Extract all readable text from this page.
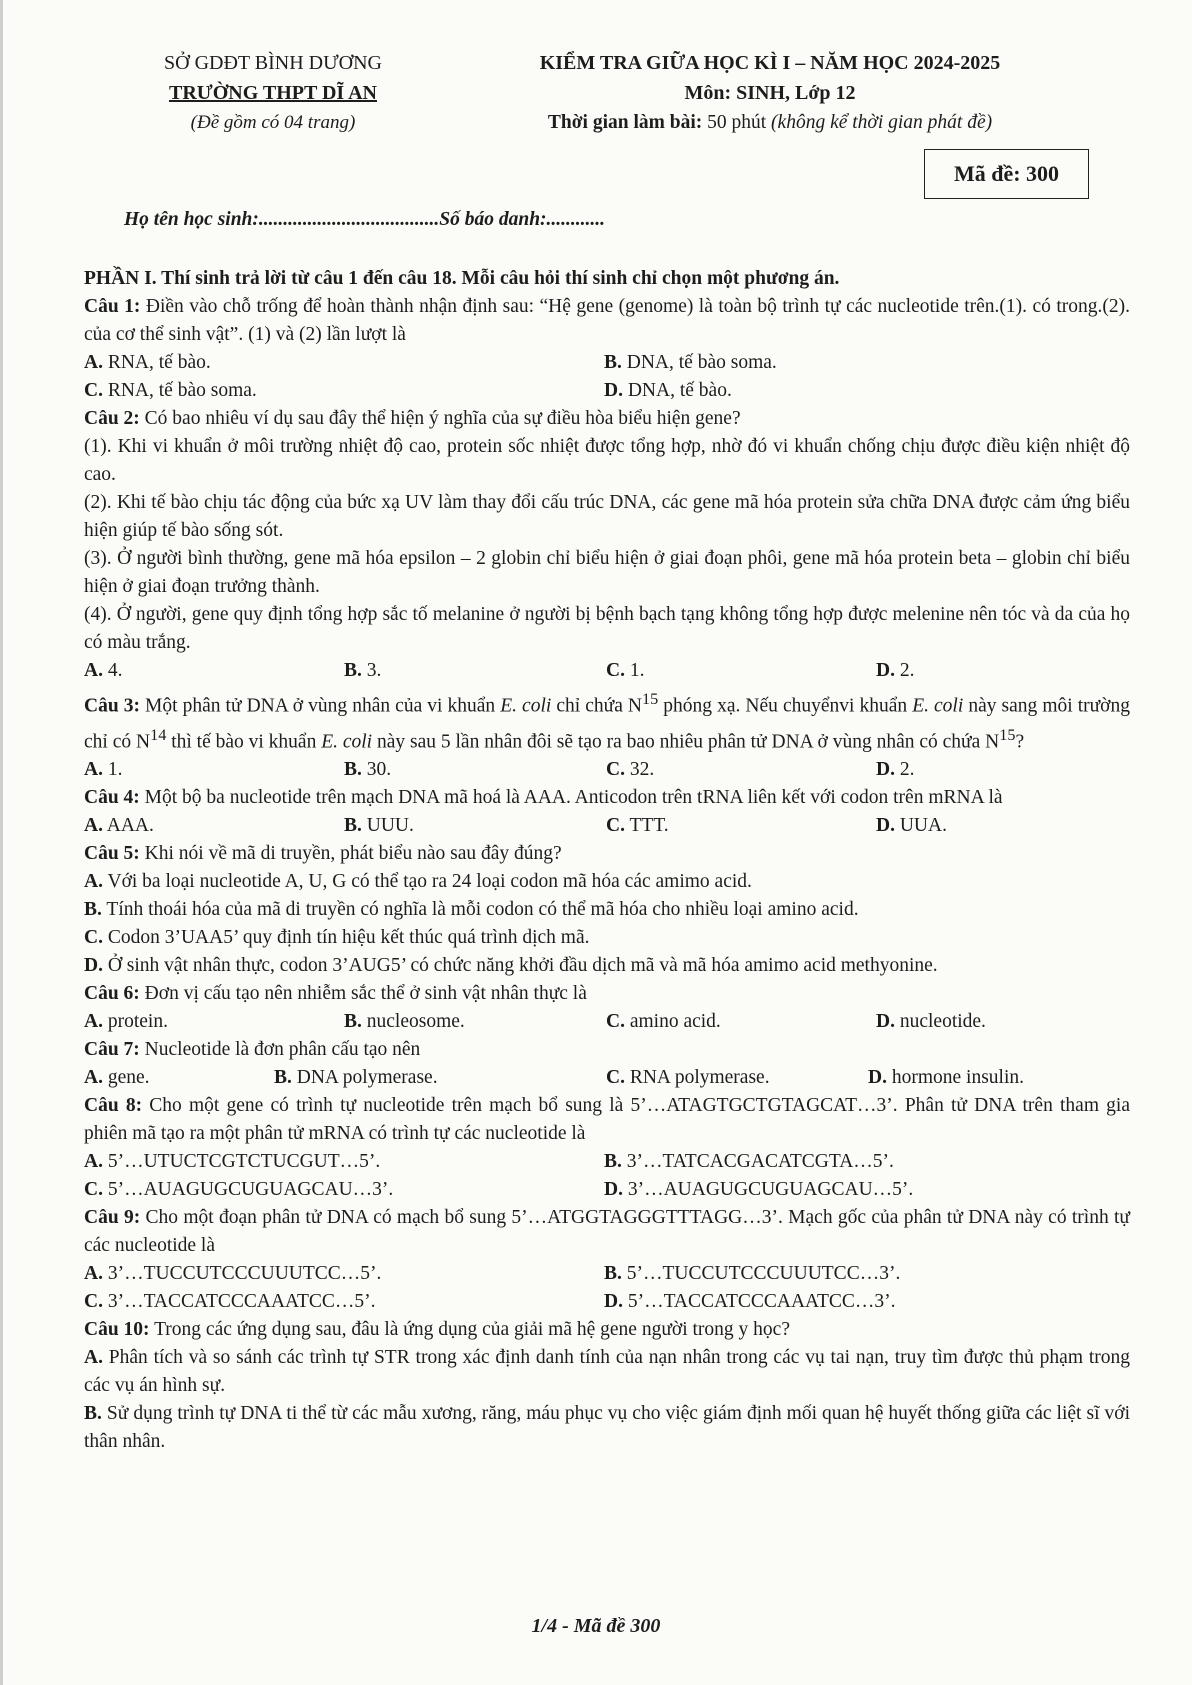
SỞ GDĐT BÌNH DƯƠNG
TRƯỜNG THPT DĨ AN
(Đề gồm có 04 trang)
KIỂM TRA GIỮA HỌC KÌ I – NĂM HỌC 2024-2025
Môn: SINH, Lớp 12
Thời gian làm bài: 50 phút (không kể thời gian phát đề)
Mã đề: 300
Họ tên học sinh:.....................................Số báo danh:............

PHẦN I. Thí sinh trả lời từ câu 1 đến câu 18. Mỗi câu hỏi thí sinh chỉ chọn một phương án.

Câu 1: Điền vào chỗ trống để hoàn thành nhận định sau: “Hệ gene (genome) là toàn bộ trình tự các nucleotide trên.(1). có trong.(2). của cơ thể sinh vật”. (1) và (2) lần lượt là

A. RNA, tế bào.	B. DNA, tế bào soma.
C. RNA, tế bào soma.	D. DNA, tế bào.

Câu 2: Có bao nhiêu ví dụ sau đây thể hiện ý nghĩa của sự điều hòa biểu hiện gene?

(1). Khi vi khuẩn ở môi trường nhiệt độ cao, protein sốc nhiệt được tổng hợp, nhờ đó vi khuẩn chống chịu được điều kiện nhiệt độ cao.

(2). Khi tế bào chịu tác động của bức xạ UV làm thay đổi cấu trúc DNA, các gene mã hóa protein sửa chữa DNA được cảm ứng biểu hiện giúp tế bào sống sót.

(3). Ở người bình thường, gene mã hóa epsilon – 2 globin chỉ biểu hiện ở giai đoạn phôi, gene mã hóa protein beta – globin chỉ biểu hiện ở giai đoạn trưởng thành.

(4). Ở người, gene quy định tổng hợp sắc tố melanine ở người bị bệnh bạch tạng không tổng hợp được melenine nên tóc và da của họ có màu trắng.

A. 4.	B. 3.	C. 1.	D. 2.

Câu 3: Một phân tử DNA ở vùng nhân của vi khuẩn E. coli chỉ chứa $N^{15}$ phóng xạ. Nếu chuyểnvi khuẩn E. coli này sang môi trường chỉ có $N^{14}$ thì tế bào vi khuẩn E. coli này sau 5 lần nhân đôi sẽ tạo ra bao nhiêu phân tử DNA ở vùng nhân có chứa $N^{15}$?

A. 1.	B. 30.	C. 32.	D. 2.

Câu 4: Một bộ ba nucleotide trên mạch DNA mã hoá là AAA. Anticodon trên tRNA liên kết với codon trên mRNA là

A. AAA.	B. UUU.	C. TTT.	D. UUA.

Câu 5: Khi nói về mã di truyền, phát biểu nào sau đây đúng?

A. Với ba loại nucleotide A, U, G có thể tạo ra 24 loại codon mã hóa các amimo acid.

B. Tính thoái hóa của mã di truyền có nghĩa là mỗi codon có thể mã hóa cho nhiều loại amino acid.

C. Codon 3’UAA5’ quy định tín hiệu kết thúc quá trình dịch mã.

D. Ở sinh vật nhân thực, codon 3’AUG5’ có chức năng khởi đầu dịch mã và mã hóa amimo acid methyonine.

Câu 6: Đơn vị cấu tạo nên nhiễm sắc thể ở sinh vật nhân thực là

A. protein.	B. nucleosome.	C. amino acid.	D. nucleotide.

Câu 7: Nucleotide là đơn phân cấu tạo nên

A. gene.	B. DNA polymerase.	C. RNA polymerase.	D. hormone insulin.

Câu 8: Cho một gene có trình tự nucleotide trên mạch bổ sung là 5’…ATAGTGCTGTAGCAT…3’. Phân tử DNA trên tham gia phiên mã tạo ra một phân tử mRNA có trình tự các nucleotide là

A. 5’…UTUCTCGTCTUCGUT…5’.	B. 3’…TATCACGACATCGTA…5’.
C. 5’…AUAGUGCUGUAGCAU…3’.	D. 3’…AUAGUGCUGUAGCAU…5’.

Câu 9: Cho một đoạn phân tử DNA có mạch bổ sung 5’…ATGGTAGGGTTTAGG…3’. Mạch gốc của phân tử DNA này có trình tự các nucleotide là

A. 3’…TUCCUTCCCUUUTCC…5’.	B. 5’…TUCCUTCCCUUUTCC…3’.
C. 3’…TACCATCCCAAATCC…5’.	D. 5’…TACCATCCCAAATCC…3’.

Câu 10: Trong các ứng dụng sau, đâu là ứng dụng của giải mã hệ gene người trong y học?

A. Phân tích và so sánh các trình tự STR trong xác định danh tính của nạn nhân trong các vụ tai nạn, truy tìm được thủ phạm trong các vụ án hình sự.

B. Sử dụng trình tự DNA ti thể từ các mẫu xương, răng, máu phục vụ cho việc giám định mối quan hệ huyết thống giữa các liệt sĩ với thân nhân.

1/4 - Mã đề 300
